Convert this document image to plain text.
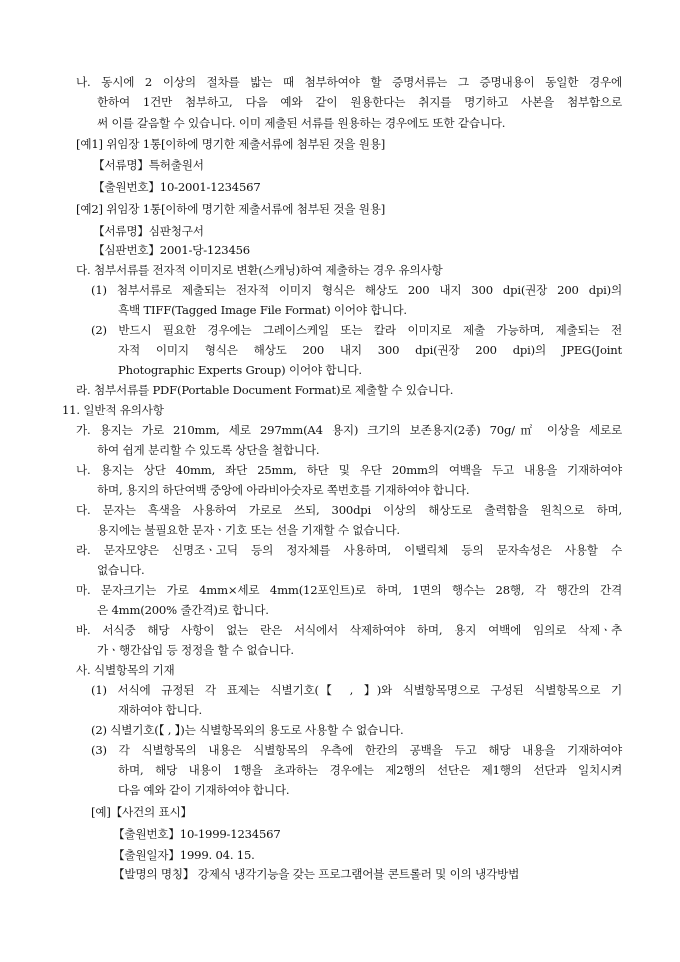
나. 동시에 2 이상의 절차를 밟는 때 첨부하여야 할 증명서류는 그 증명내용이 동일한 경우에
한하여 1건만 첨부하고, 다음 예와 같이 원용한다는 취지를 명기하고 사본을 첨부함으로
써 이를 갈음할 수 있습니다. 이미 제출된 서류를 원용하는 경우에도 또한 같습니다.
[예1] 위임장 1통[이하에 명기한 제출서류에 첨부된 것을 원용]
【서류명】특허출원서
【출원번호】10-2001-1234567
[예2] 위임장 1통[이하에 명기한 제출서류에 첨부된 것을 원용]
【서류명】심판청구서
【심판번호】2001-당-123456
다. 첨부서류를 전자적 이미지로 변환(스캐닝)하여 제출하는 경우 유의사항
(1) 첨부서류로 제출되는 전자적 이미지 형식은 해상도 200 내지 300 dpi(권장 200 dpi)의
흑백 TIFF(Tagged Image File Format) 이어야 합니다.
(2) 반드시 필요한 경우에는 그레이스케일 또는 칼라 이미지로 제출 가능하며, 제출되는 전
자적 이미지 형식은 해상도 200 내지 300 dpi(권장 200 dpi)의 JPEG(Joint
Photographic Experts Group) 이어야 합니다.
라. 첨부서류를 PDF(Portable Document Format)로 제출할 수 있습니다.
11. 일반적 유의사항
가. 용지는 가로 210mm, 세로 297mm(A4 용지) 크기의 보존용지(2종) 70g/㎡ 이상을 세로로
하여 쉽게 분리할 수 있도록 상단을 철합니다.
나. 용지는 상단 40mm, 좌단 25mm, 하단 및 우단 20mm의 여백을 두고 내용을 기재하여야
하며, 용지의 하단여백 중앙에 아라비아숫자로 쪽번호를 기재하여야 합니다.
다. 문자는 흑색을 사용하여 가로로 쓰되, 300dpi 이상의 해상도로 출력함을 원칙으로 하며,
용지에는 불필요한 문자ㆍ기호 또는 선을 기재할 수 없습니다.
라. 문자모양은 신명조ㆍ고딕 등의 정자체를 사용하며, 이탤릭체 등의 문자속성은 사용할 수
없습니다.
마. 문자크기는 가로 4mm×세로 4mm(12포인트)로 하며, 1면의 행수는 28행, 각 행간의 간격
은 4mm(200% 줄간격)로 합니다.
바. 서식중 해당 사항이 없는 란은 서식에서 삭제하여야 하며, 용지 여백에 임의로 삭제ㆍ추
가ㆍ행간삽입 등 정정을 할 수 없습니다.
사. 식별항목의 기재
(1) 서식에 규정된 각 표제는 식별기호(【 , 】)와 식별항목명으로 구성된 식별항목으로 기
재하여야 합니다.
(2) 식별기호(【 , 】)는 식별항목외의 용도로 사용할 수 없습니다.
(3) 각 식별항목의 내용은 식별항목의 우측에 한칸의 공백을 두고 해당 내용을 기재하여야
하며, 해당 내용이 1행을 초과하는 경우에는 제2행의 선단은 제1행의 선단과 일치시켜
다음 예와 같이 기재하여야 합니다.
[예]【사건의 표시】
【출원번호】10-1999-1234567
【출원일자】1999. 04. 15.
【발명의 명칭】 강제식 냉각기능을 갖는 프로그램어블 콘트롤러 및 이의 냉각방법
